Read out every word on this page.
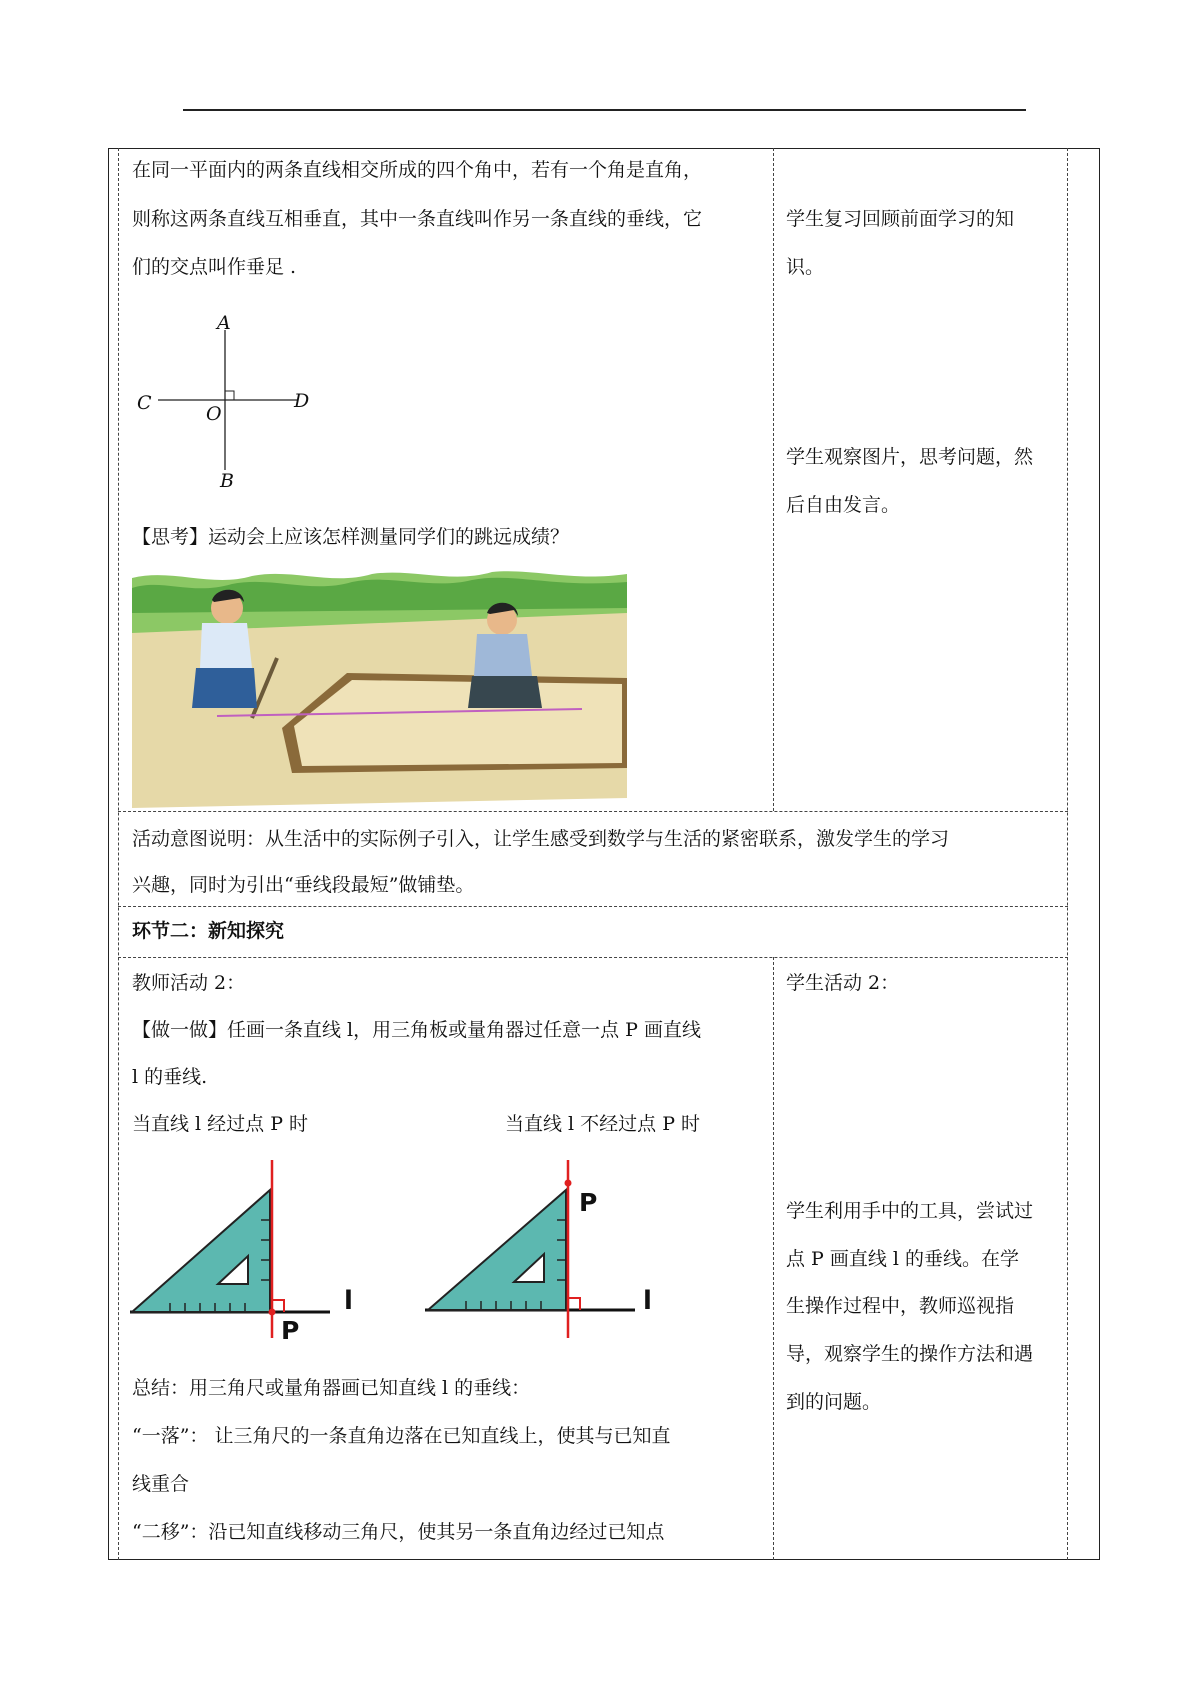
在同一平面内的两条直线相交所成的四个角中，若有一个角是直角，
则称这两条直线互相垂直，其中一条直线叫作另一条直线的垂线，它
们的交点叫作垂足 .
A
C	D
O
B
【思考】运动会上应该怎样测量同学们的跳远成绩？
学生复习回顾前面学习的知
识。
学生观察图片，思考问题，然
后自由发言。
活动意图说明：从生活中的实际例子引入，让学生感受到数学与生活的紧密联系，激发学生的学习
兴趣，同时为引出“垂线段最短”做铺垫。
环节二：新知探究
教师活动 2：
【做一做】任画一条直线 l，用三角板或量角器过任意一点 P 画直线
l 的垂线.
当直线 l 经过点 P 时	当直线 l 不经过点 P 时
P
l
P
l
总结：用三角尺或量角器画已知直线 l 的垂线：
“一落”： 让三角尺的一条直角边落在已知直线上，使其与已知直
线重合
“二移”：沿已知直线移动三角尺，使其另一条直角边经过已知点
学生活动 2：
学生利用手中的工具，尝试过
点 P 画直线 l 的垂线。在学
生操作过程中，教师巡视指
导，观察学生的操作方法和遇
到的问题。
